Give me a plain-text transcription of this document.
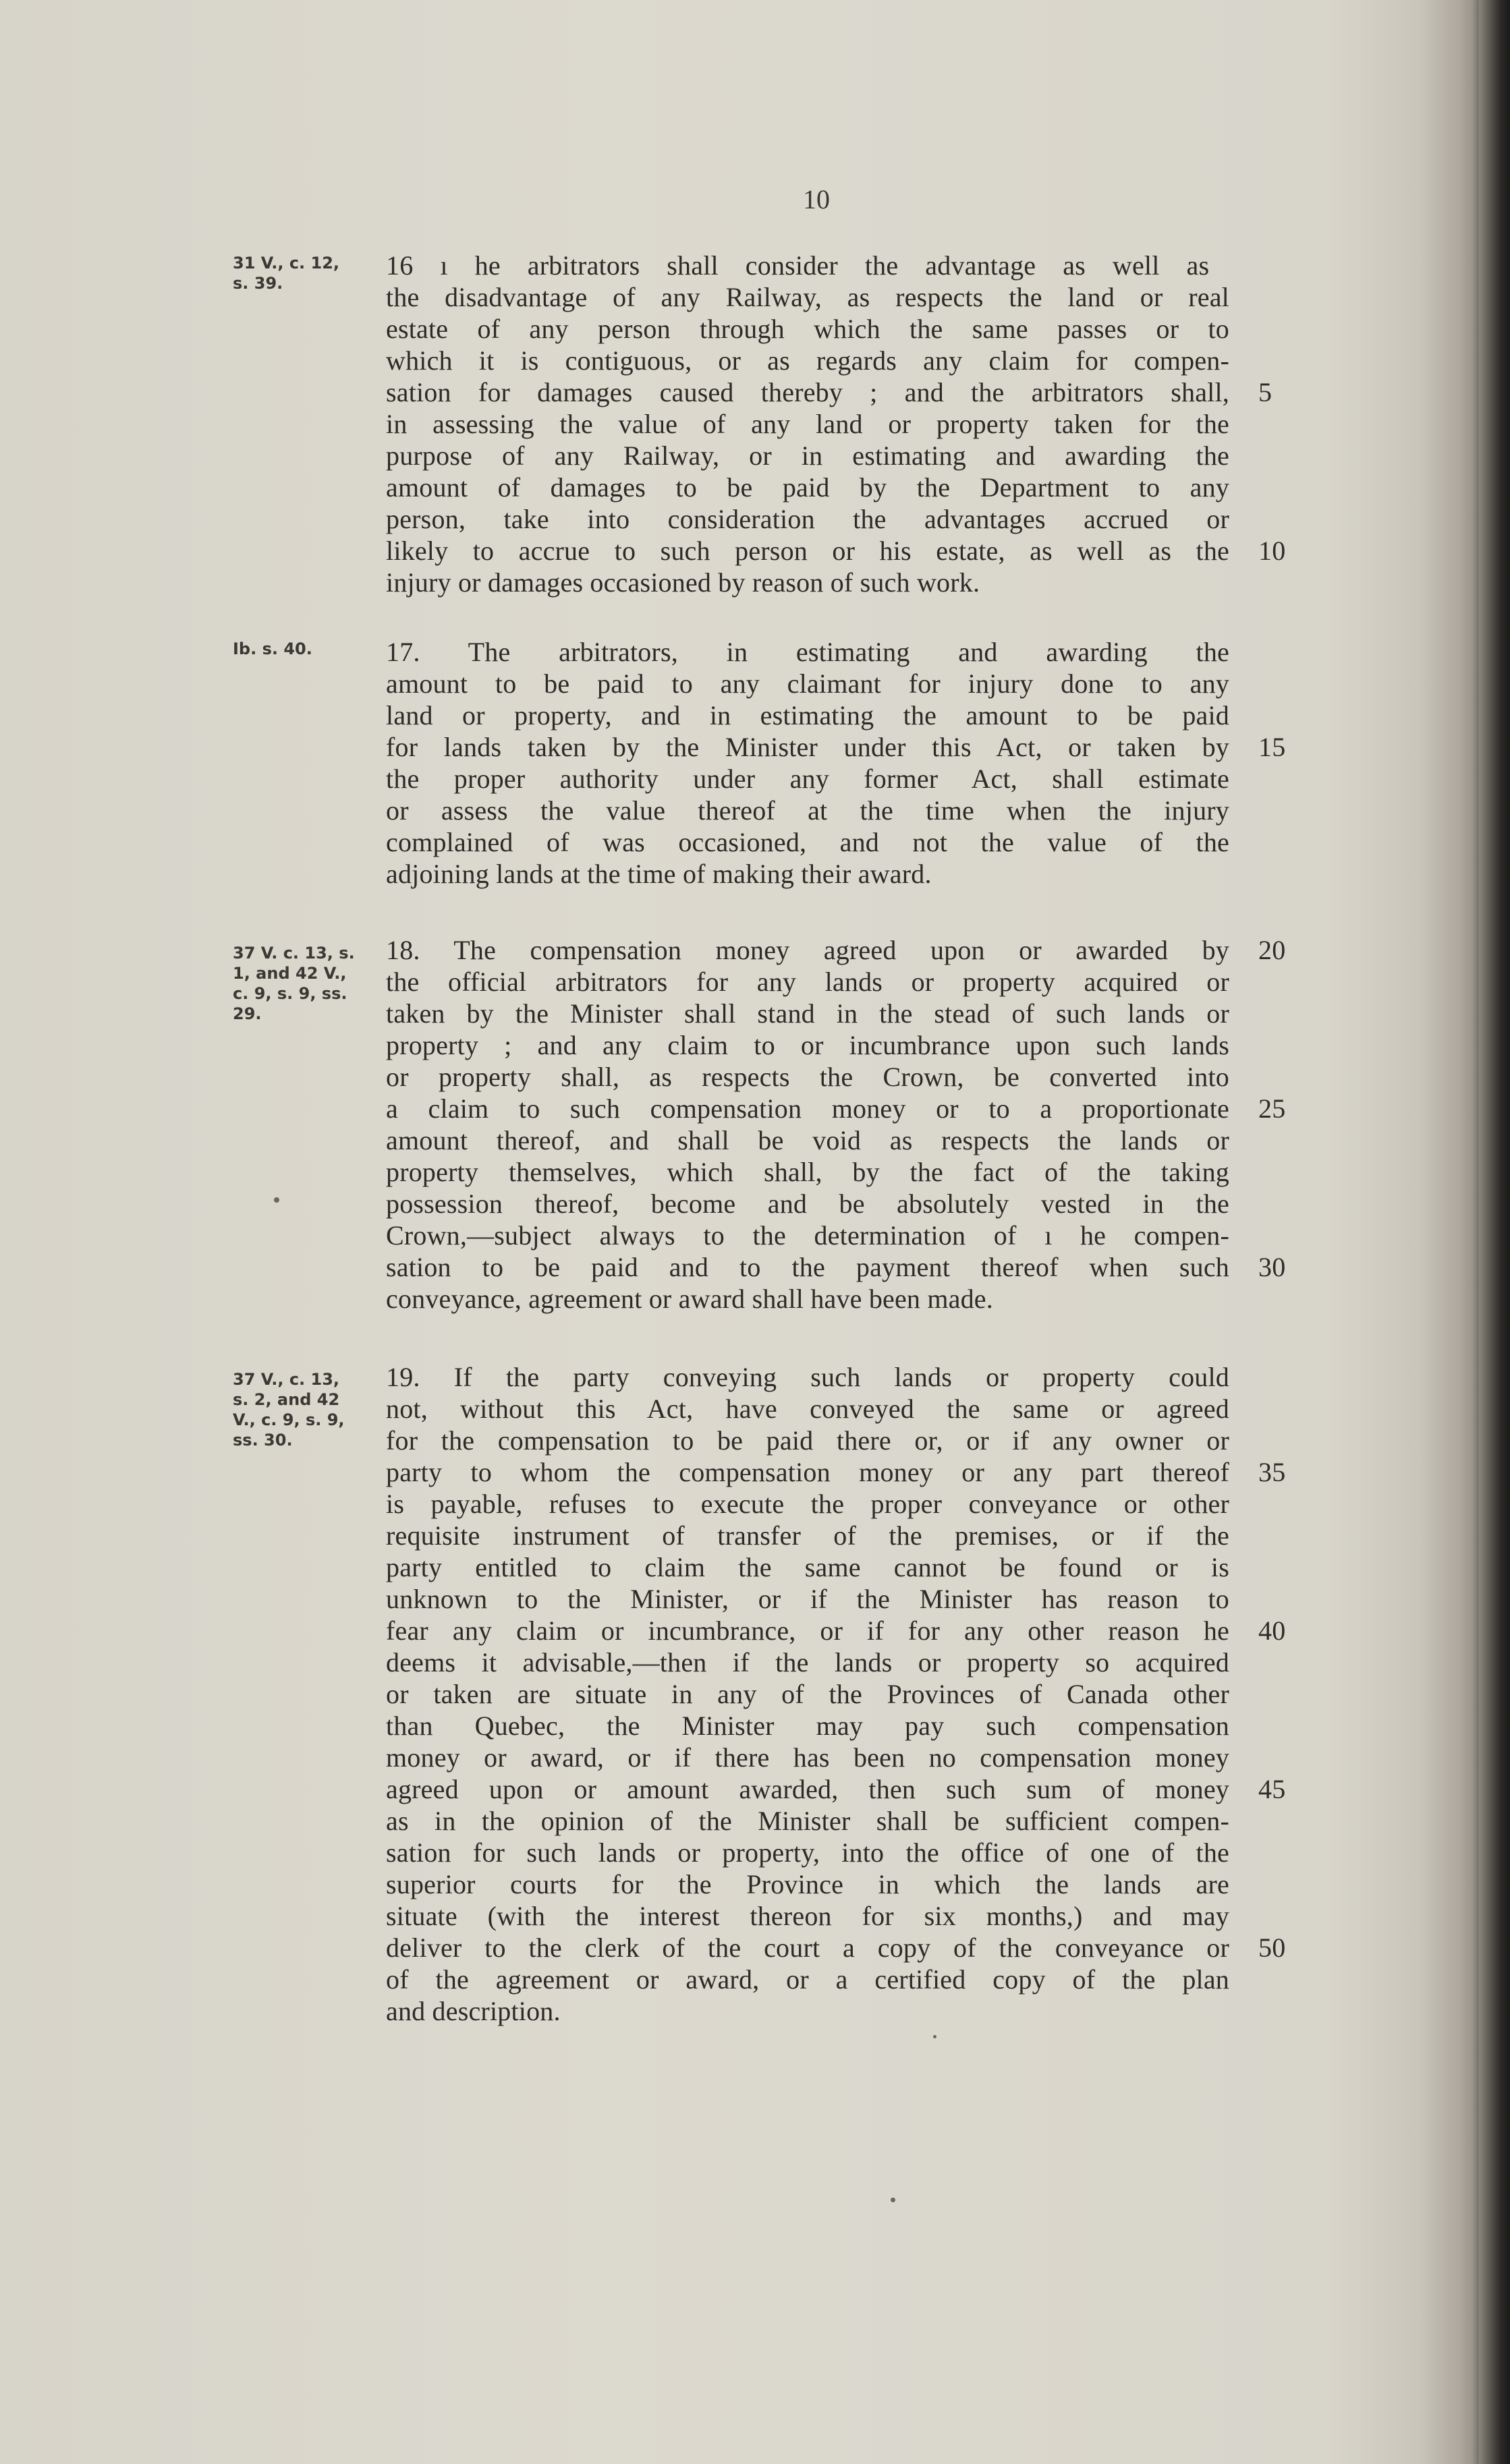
10
31 V., c. 12,
s. 39.
16 ı he arbitrators shall consider the advantage as well as
the disadvantage of any Railway, as respects the land or real
estate of any person through which the same passes or to
which it is contiguous, or as regards any claim for compen-
sation for damages caused thereby ; and the arbitrators shall, 5
in assessing the value of any land or property taken for the
purpose of any Railway, or in estimating and awarding the
amount of damages to be paid by the Department to any
person, take into consideration the advantages accrued or
likely to accrue to such person or his estate, as well as the 10
injury or damages occasioned by reason of such work.
Ib. s. 40.	17. The arbitrators, in estimating and awarding the
amount to be paid to any claimant for injury done to any
land or property, and in estimating the amount to be paid
for lands taken by the Minister under this Act, or taken by 15
the proper authority under any former Act, shall estimate
or assess the value thereof at the time when the injury
complained of was occasioned, and not the value of the
adjoining lands at the time of making their award.
37 V. c. 13, s.
1, and 42 V.,
c. 9, s. 9, ss.
29.
18. The compensation money agreed upon or awarded by 20
the official arbitrators for any lands or property acquired or
taken by the Minister shall stand in the stead of such lands or
property ; and any claim to or incumbrance upon such lands
or property shall, as respects the Crown, be converted into
a claim to such compensation money or to a proportionate 25
amount thereof, and shall be void as respects the lands or
property themselves, which shall, by the fact of the taking
possession thereof, become and be absolutely vested in the
Crown,—subject always to the determination of ı he compen-
sation to be paid and to the payment thereof when such 30
conveyance, agreement or award shall have been made.
37 V., c. 13,
s. 2, and 42
V., c. 9, s. 9,
ss. 30.
19. If the party conveying such lands or property could
not, without this Act, have conveyed the same or agreed
for the compensation to be paid there or, or if any owner or
party to whom the compensation money or any part thereof 35
is payable, refuses to execute the proper conveyance or other
requisite instrument of transfer of the premises, or if the
party entitled to claim the same cannot be found or is
unknown to the Minister, or if the Minister has reason to
fear any claim or incumbrance, or if for any other reason he 40
deems it advisable,—then if the lands or property so acquired
or taken are situate in any of the Provinces of Canada other
than Quebec, the Minister may pay such compensation
money or award, or if there has been no compensation money
agreed upon or amount awarded, then such sum of money 45
as in the opinion of the Minister shall be sufficient compen-
sation for such lands or property, into the office of one of the
superior courts for the Province in which the lands are
situate (with the interest thereon for six months,) and may
deliver to the clerk of the court a copy of the conveyance or 50
of the agreement or award, or a certified copy of the plan
and description.
